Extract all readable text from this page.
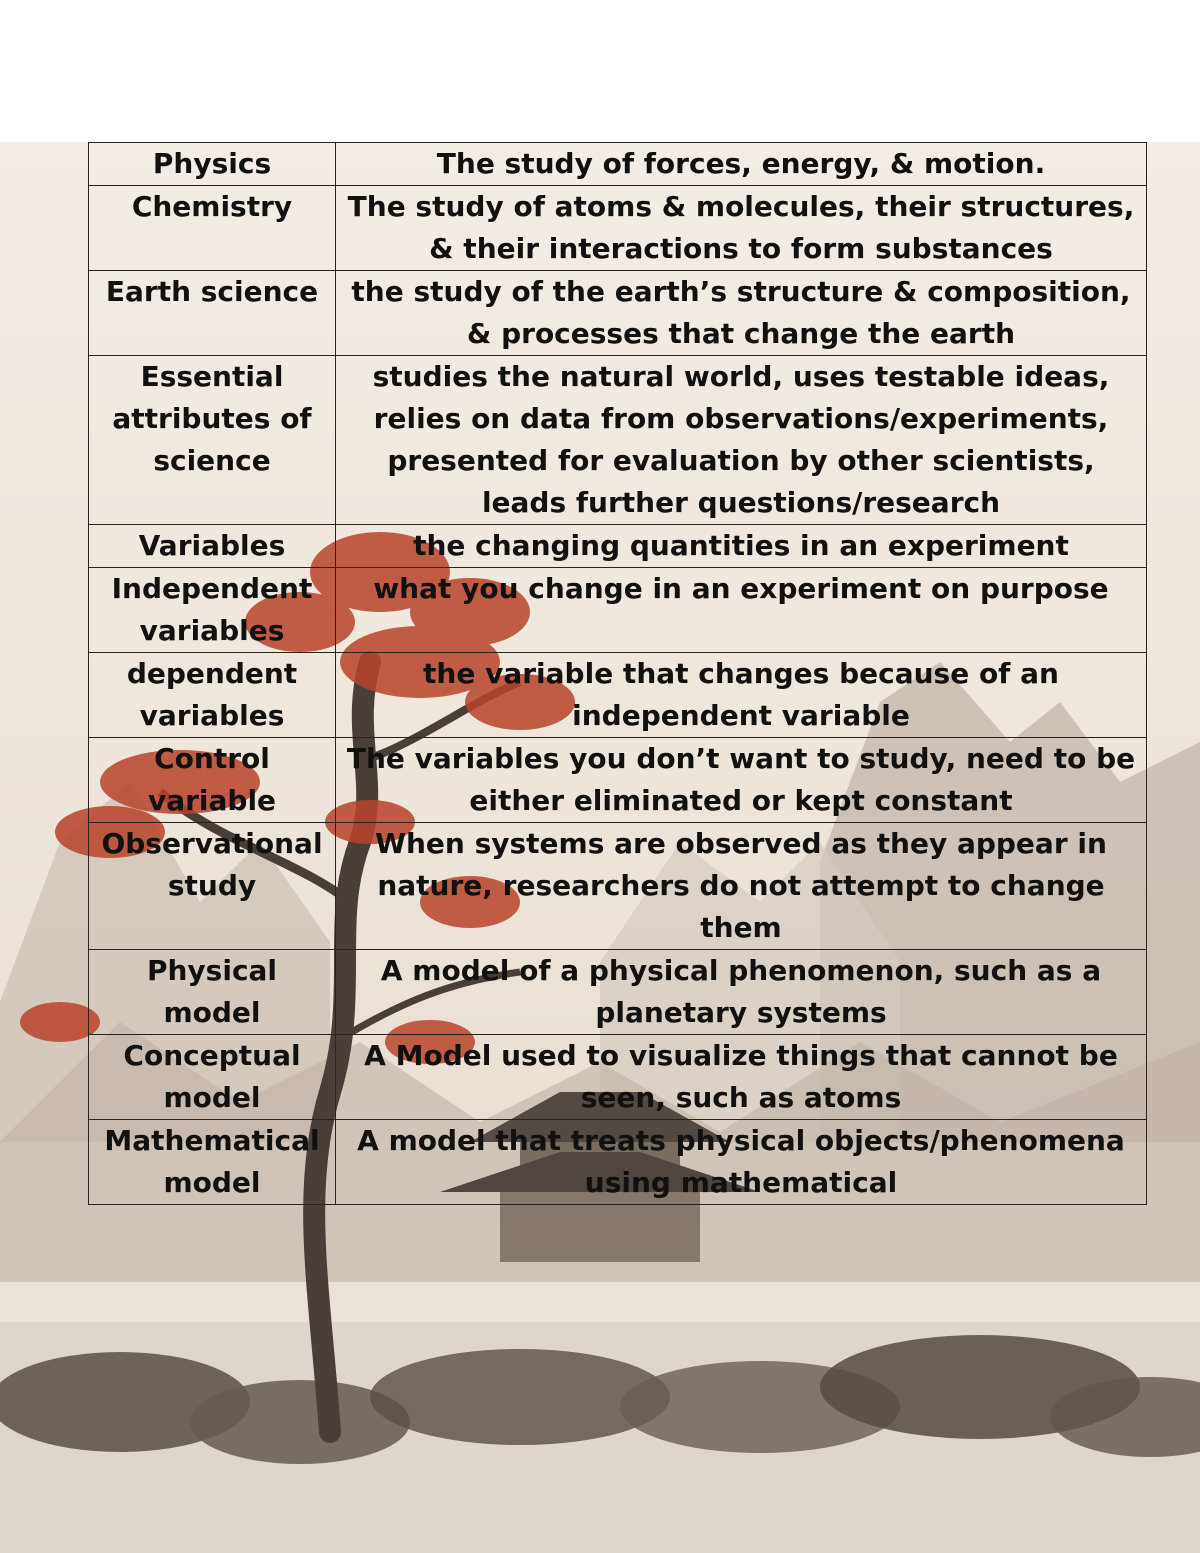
Physics	The study of forces, energy, & motion.
Chemistry	The study of atoms & molecules, their structures, & their interactions to form substances
Earth science	the study of the earth’s structure & composition, & processes that change the earth
Essential attributes of science	studies the natural world, uses testable ideas, relies on data from observations/experiments, presented for evaluation by other scientists, leads further questions/research
Variables	the changing quantities in an experiment
Independent variables	what you change in an experiment on purpose
dependent variables	the variable that changes because of an independent variable
Control variable	The variables you don’t want to study, need to be either eliminated or kept constant
Observational study	When systems are observed as they appear in nature, researchers do not attempt to change them
Physical model	A model of a physical phenomenon, such as a planetary systems
Conceptual model	A Model used to visualize things that cannot be seen, such as atoms
Mathematical model	A model that treats physical objects/phenomena using mathematical
